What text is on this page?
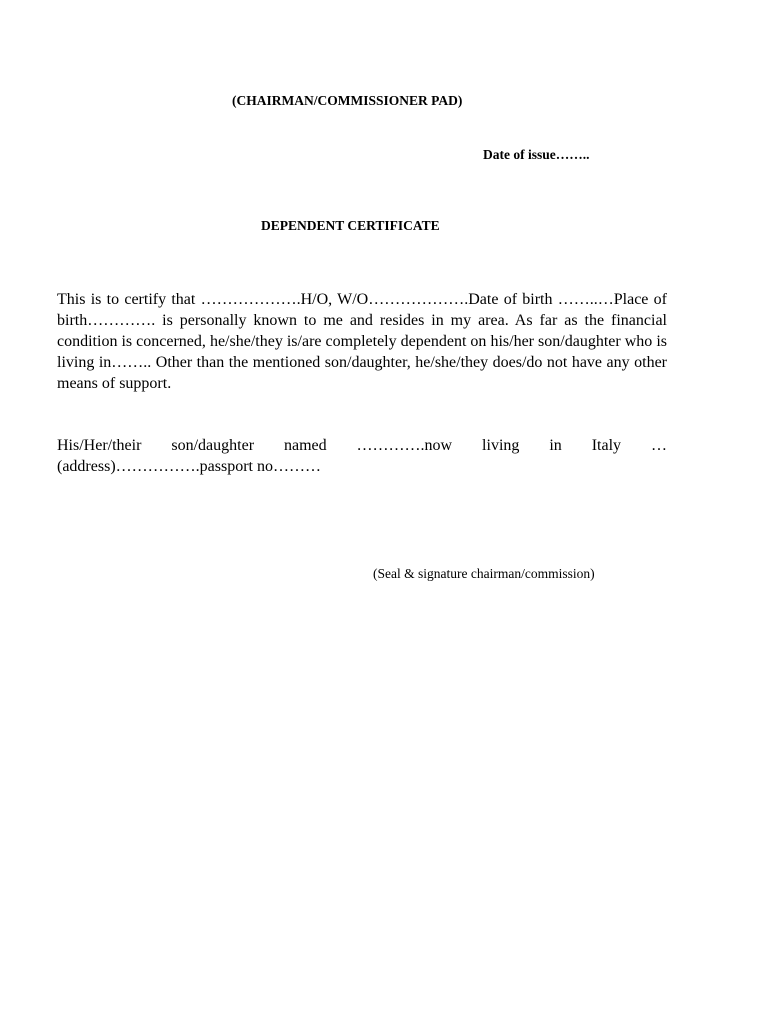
(CHAIRMAN/COMMISSIONER PAD)
Date of issue……..
DEPENDENT CERTIFICATE

This is to certify that ……………….H/O, W/O……………….Date of birth ……..…Place of birth…………. is personally known to me and resides in my area. As far as the financial condition is concerned, he/she/they is/are completely dependent on his/her son/daughter who is living in…….. Other than the mentioned son/daughter, he/she/they does/do not have any other means of support.

His/Her/their son/daughter named ………….now living in Italy …(address)…………….passport no………

(Seal & signature chairman/commission)
